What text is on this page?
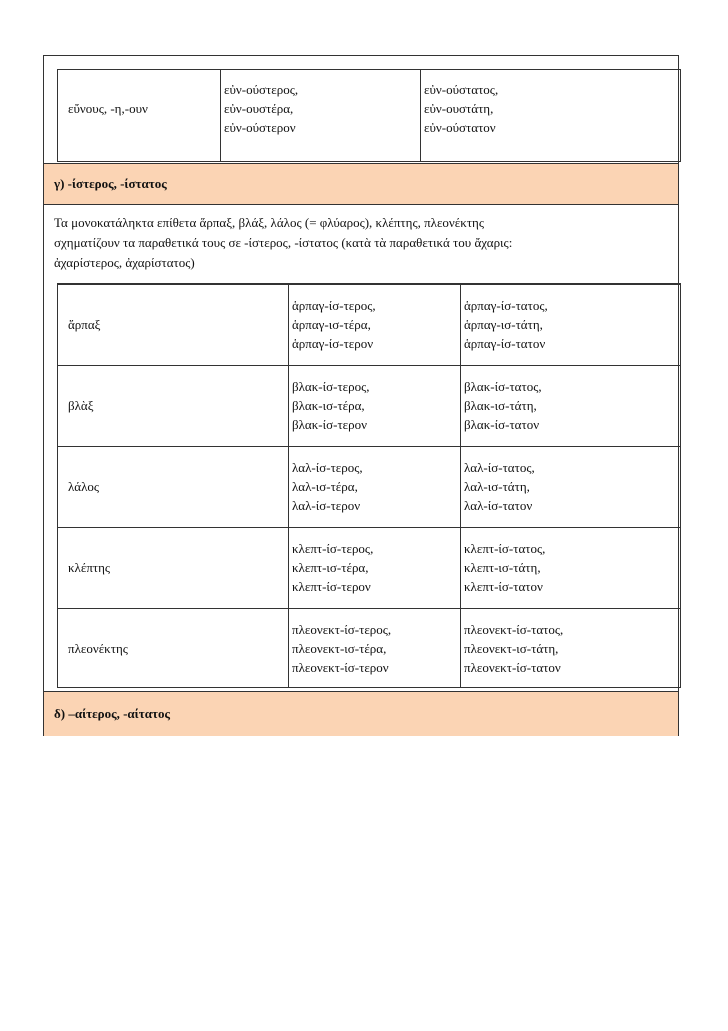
εὔνους, -η,-ουν
εὐν-ούστερος,
εὐν-ουστέρα,
εὐν-ούστερον
εὐν-ούστατος,
εὐν-ουστάτη,
εὐν-ούστατον
γ) -ίστερος, -ίστατος
Τα μονοκατάληκτα επίθετα ἅρπαξ, βλάξ, λάλος (= φλύαρος), κλέπτης, πλεονέκτης
σχηματίζουν τα παραθετικά τους σε -ίστερος, -ίστατος (κατὰ τὰ παραθετικά του ἄχαρις:
ἀχαρίστερος, ἀχαρίστατος)
ἅρπαξ
ἁρπαγ-ίσ-τερος,
ἁρπαγ-ισ-τέρα,
ἁρπαγ-ίσ-τερον
ἁρπαγ-ίσ-τατος,
ἁρπαγ-ισ-τάτη,
ἁρπαγ-ίσ-τατον
βλὰξ
βλακ-ίσ-τερος,
βλακ-ισ-τέρα,
βλακ-ίσ-τερον
βλακ-ίσ-τατος,
βλακ-ισ-τάτη,
βλακ-ίσ-τατον
λάλος
λαλ-ίσ-τερος,
λαλ-ισ-τέρα,
λαλ-ίσ-τερον
λαλ-ίσ-τατος,
λαλ-ισ-τάτη,
λαλ-ίσ-τατον
κλέπτης
κλεπτ-ίσ-τερος,
κλεπτ-ισ-τέρα,
κλεπτ-ίσ-τερον
κλεπτ-ίσ-τατος,
κλεπτ-ισ-τάτη,
κλεπτ-ίσ-τατον
πλεονέκτης
πλεονεκτ-ίσ-τερος,
πλεονεκτ-ισ-τέρα,
πλεονεκτ-ίσ-τερον
πλεονεκτ-ίσ-τατος,
πλεονεκτ-ισ-τάτη,
πλεονεκτ-ίσ-τατον
δ) –αίτερος, -αίτατος
